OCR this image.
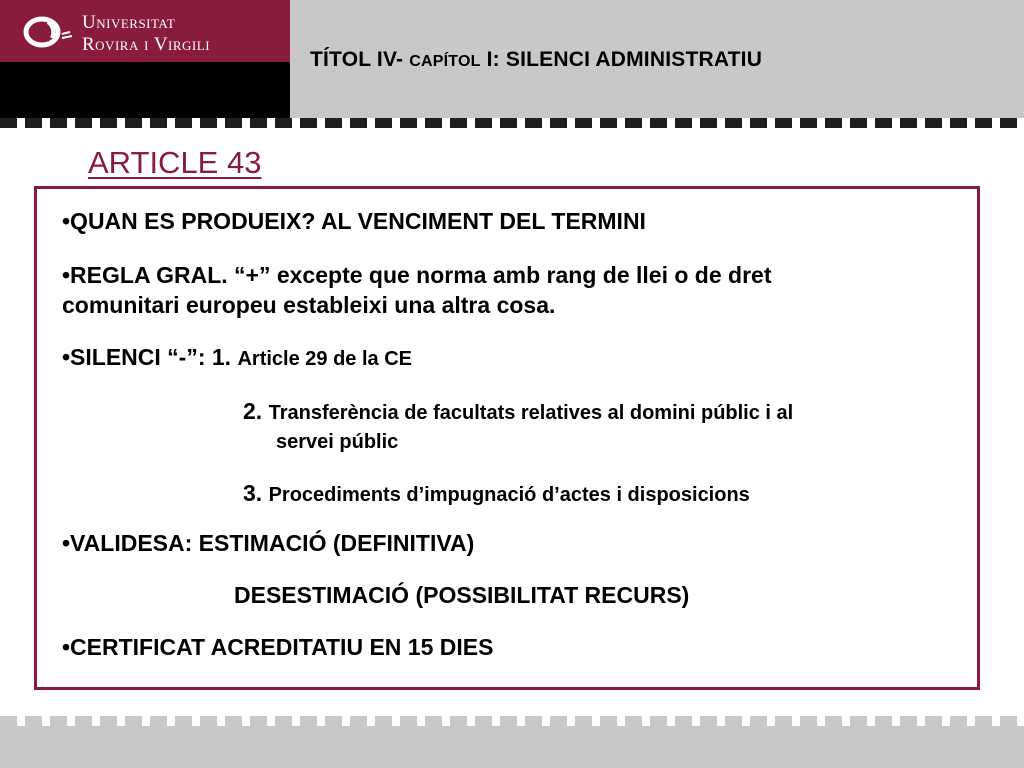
Universitat
Rovira i Virgili
TÍTOL IV- CAPÍTOL I: SILENCI ADMINISTRATIU
ARTICLE 43
•QUAN ES PRODUEIX? AL VENCIMENT DEL TERMINI
•REGLA GRAL. “+” excepte que norma amb rang de llei o de dret
comunitari europeu estableixi una altra cosa.
•SILENCI “-”: 1. Article 29 de la CE
2. Transferència de facultats relatives al domini públic i al
servei públic
3. Procediments d’impugnació d’actes i disposicions
•VALIDESA: ESTIMACIÓ (DEFINITIVA)
DESESTIMACIÓ (POSSIBILITAT RECURS)
•CERTIFICAT ACREDITATIU EN 15 DIES
